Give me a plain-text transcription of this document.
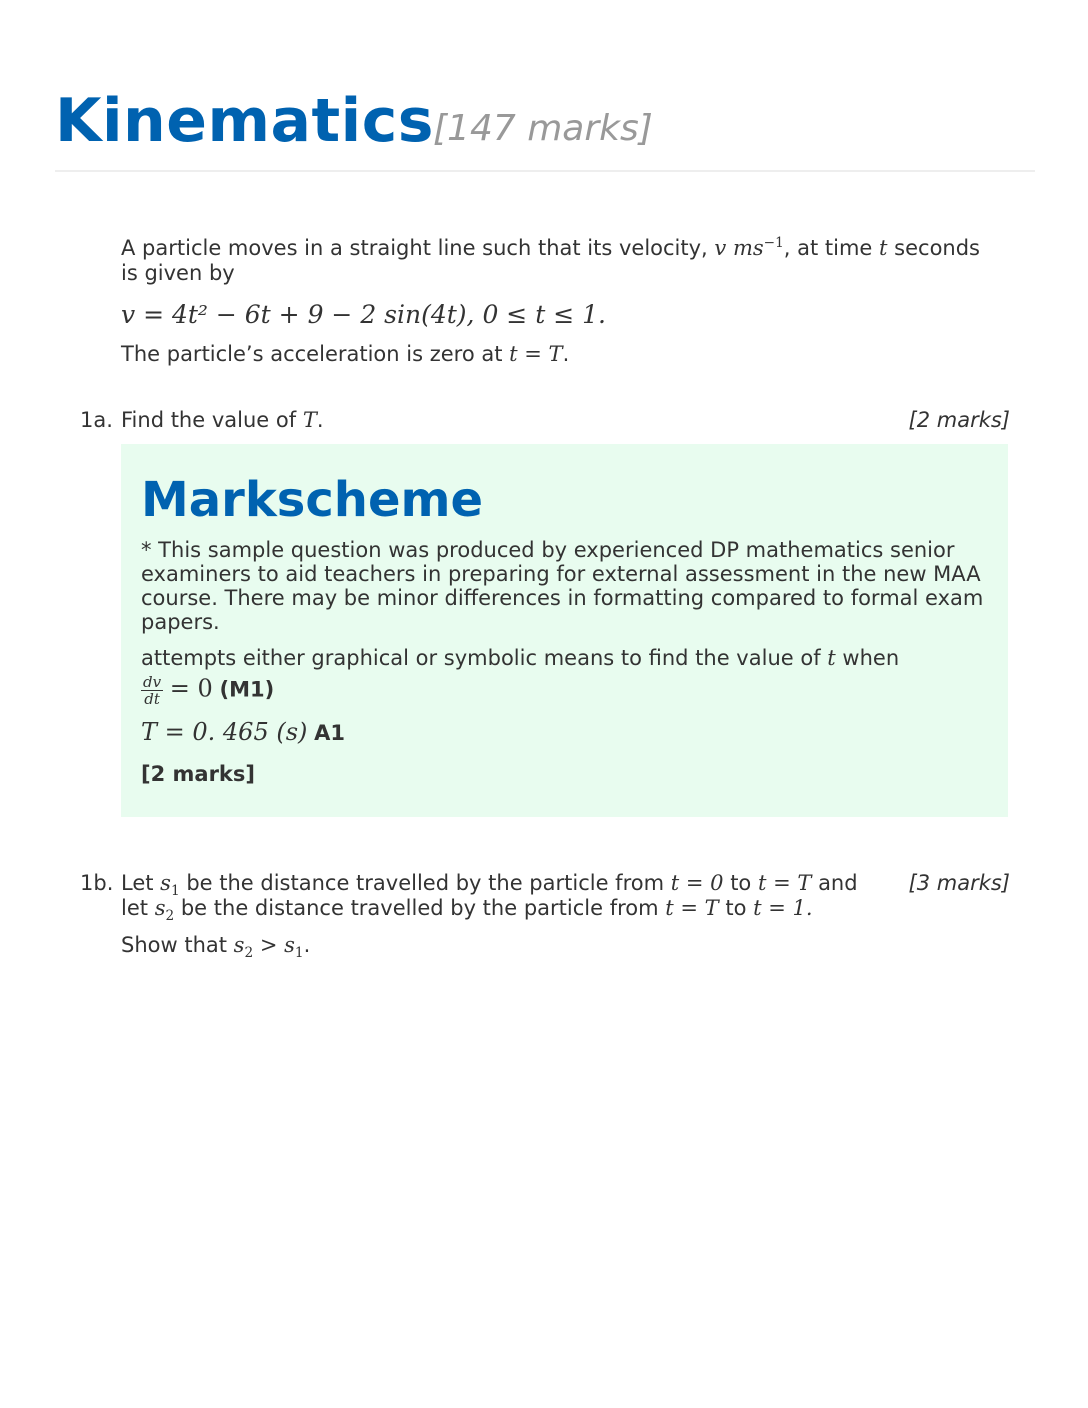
Kinematics
[147 marks]
A particle moves in a straight line such that its velocity, v $ms^{-1}$, at time t seconds
is given by
v = 4t² − 6t + 9 − 2 sin(4t), 0 ≤ t ≤ 1.
The particle’s acceleration is zero at t = T.
1a. Find the value of T.	[2 marks]
Markscheme
* This sample question was produced by experienced DP mathematics senior examiners to aid teachers in preparing for external assessment in the new MAA course. There may be minor differences in formatting compared to formal exam papers.
attempts either graphical or symbolic means to find the value of t when
$\frac{dv}{dt} = 0$ (M1)
T = 0. 465 (s) A1
[2 marks]
1b. Let $s_1$ be the distance travelled by the particle from t = 0 to t = T and
let $s_2$ be the distance travelled by the particle from t = T to t = 1.
[3 marks]
Show that $s_2 > s_1$.
